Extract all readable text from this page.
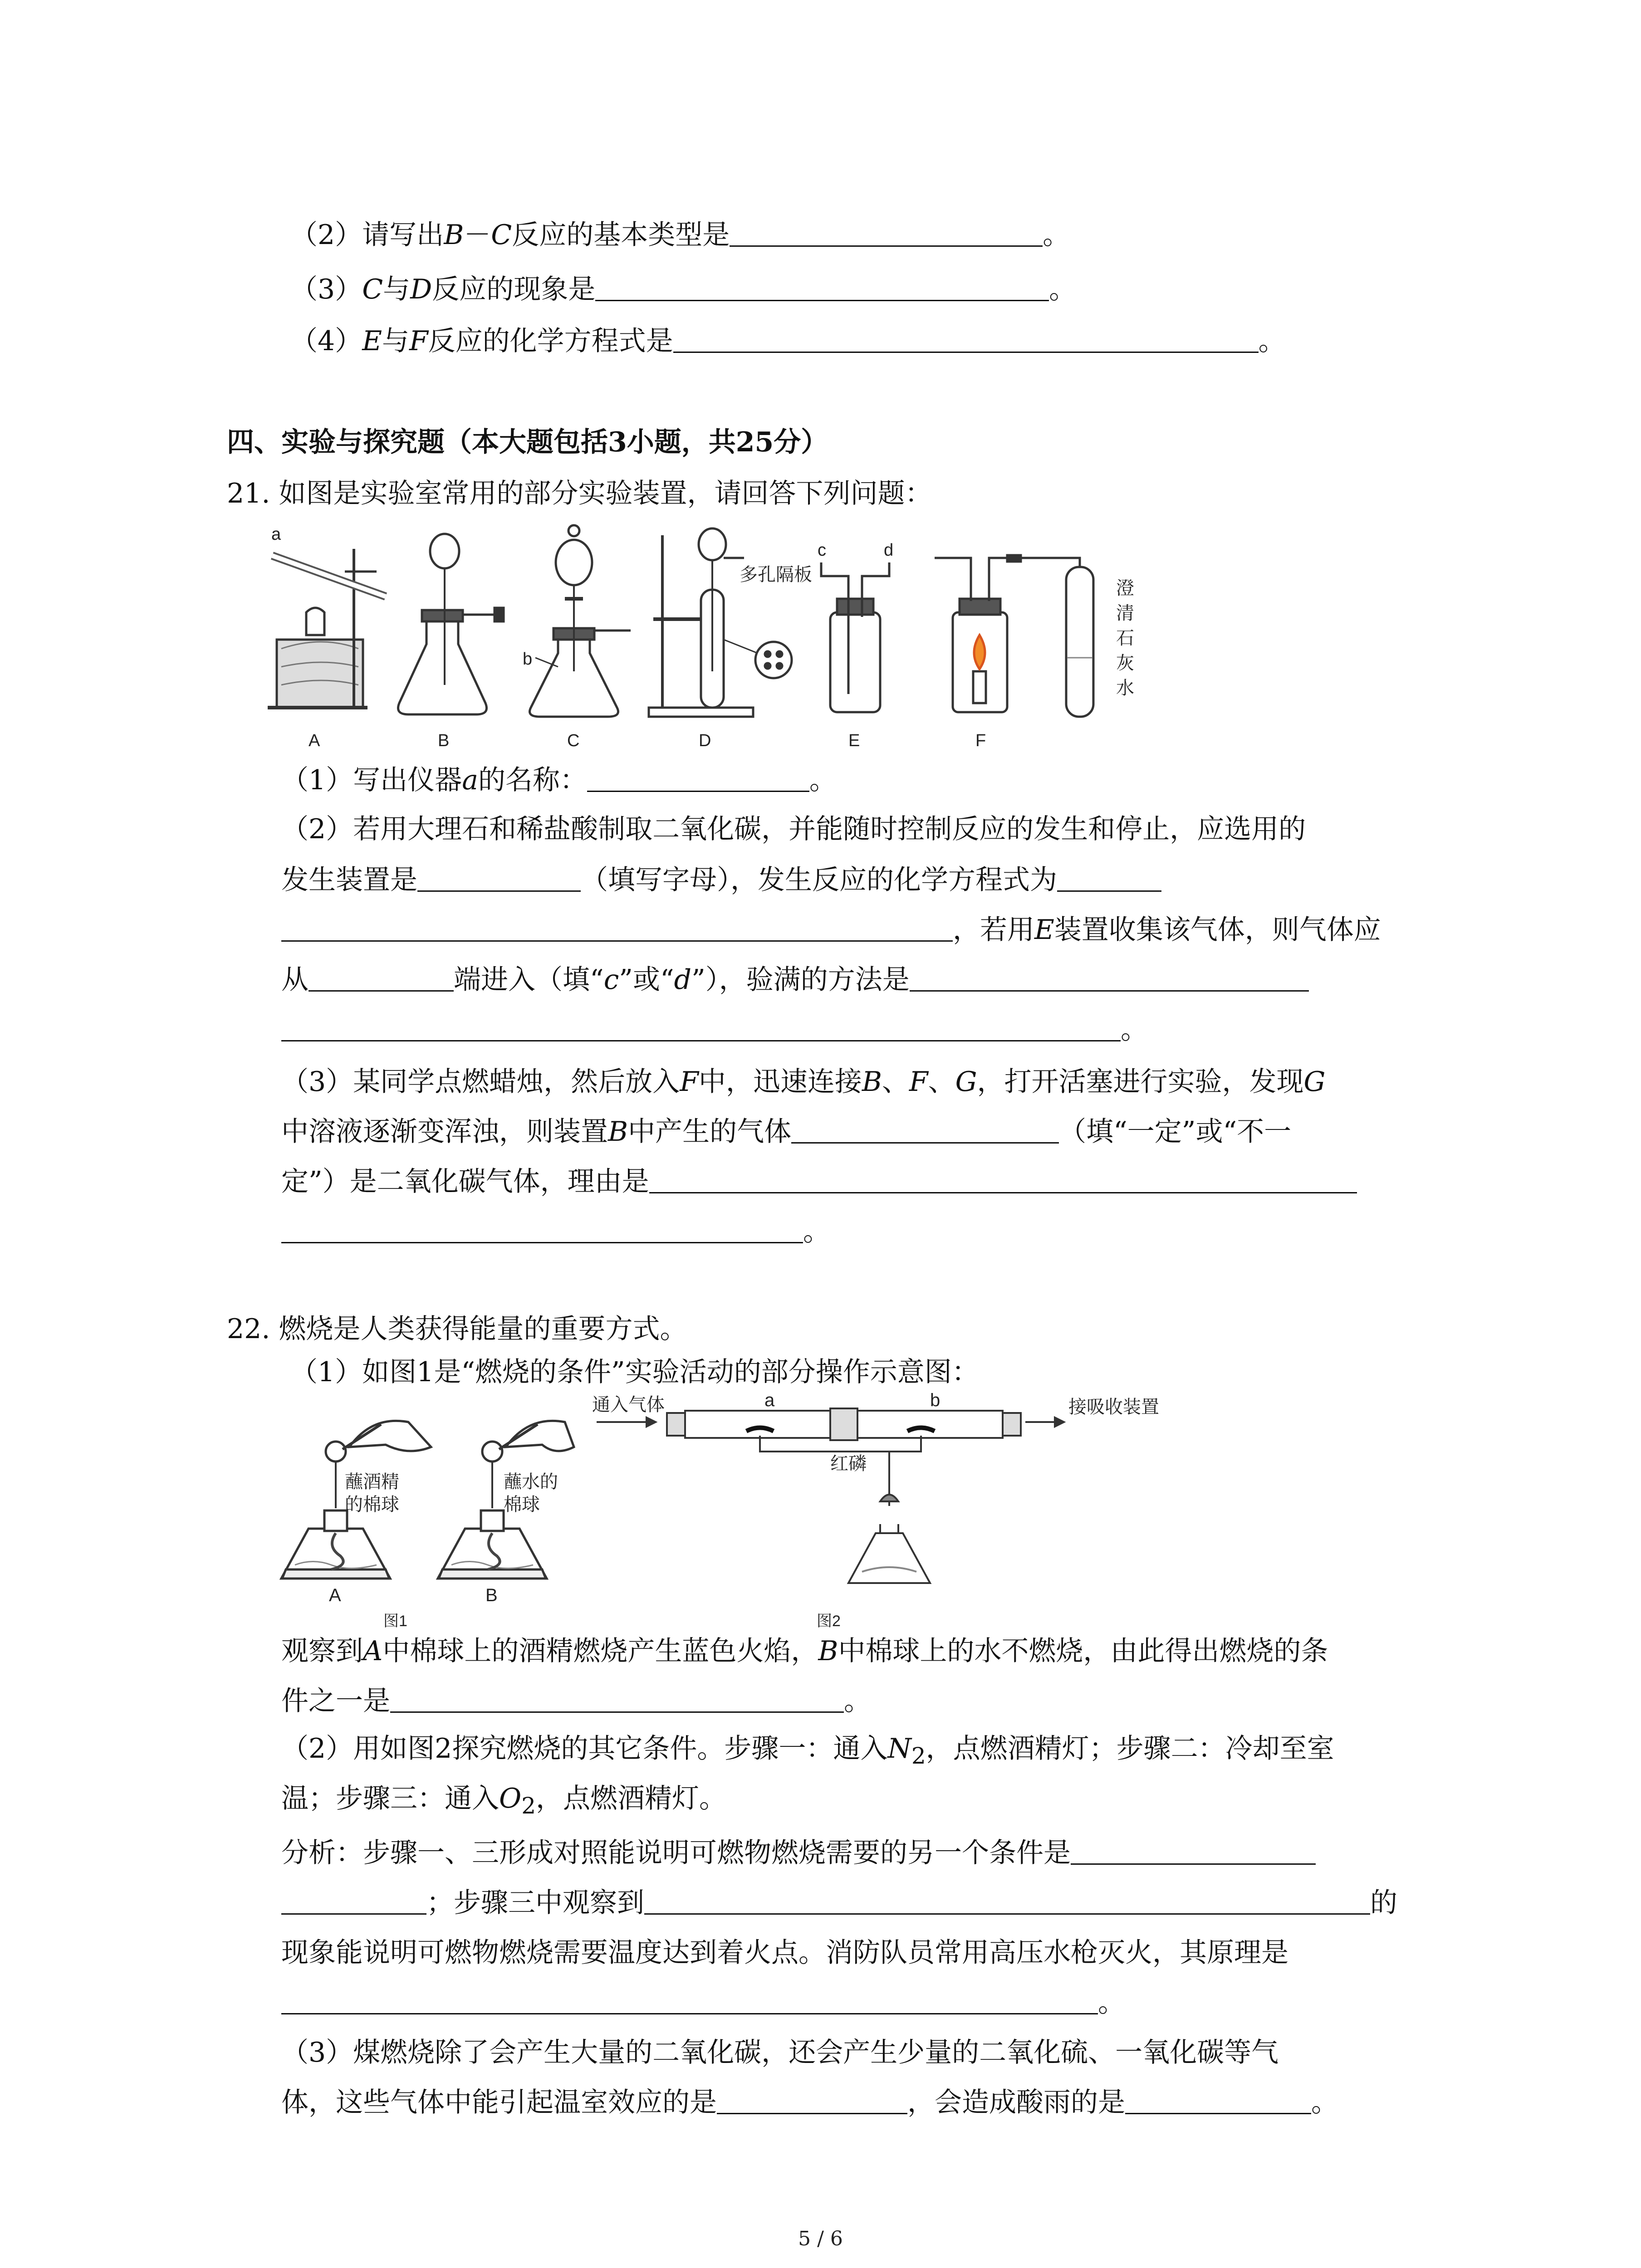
（2）请写出B－C反应的基本类型是	。
（3）C与D反应的现象是	。
（4）E与F反应的化学方程式是	。
四、实验与探究题（本大题包括3小题，共25分）
21. 如图是实验室常用的部分实验装置，请回答下列问题：
a
A	B
b
C	D
多孔隔板
c	d
E	F
澄
清
石
灰
水
（1）写出仪器a的名称：	。
（2）若用大理石和稀盐酸制取二氧化碳，并能随时控制反应的发生和停止，应选用的
发生装置是	（填写字母），发生反应的化学方程式为
，若用E装置收集该气体，则气体应
从	端进入（填“c”或“d”），验满的方法是
。
（3）某同学点燃蜡烛，然后放入F中，迅速连接B、F、G，打开活塞进行实验，发现G
中溶液逐渐变浑浊，则装置B中产生的气体	（填“一定”或“不一
定”）是二氧化碳气体，理由是
。
22. 燃烧是人类获得能量的重要方式。
（1）如图1是“燃烧的条件”实验活动的部分操作示意图：
蘸酒精
的棉球
蘸水的
棉球
A	B
图1
通入气体	接吸收装置
a	b
红磷
图2
观察到A中棉球上的酒精燃烧产生蓝色火焰，B中棉球上的水不燃烧，由此得出燃烧的条
件之一是	。
（2）用如图2探究燃烧的其它条件。步骤一：通入$N_2$，点燃酒精灯；步骤二：冷却至室
温；步骤三：通入$O_2$，点燃酒精灯。
分析：步骤一、三形成对照能说明可燃物燃烧需要的另一个条件是
；步骤三中观察到	的
现象能说明可燃物燃烧需要温度达到着火点。消防队员常用高压水枪灭火，其原理是
。
（3）煤燃烧除了会产生大量的二氧化碳，还会产生少量的二氧化硫、一氧化碳等气
体，这些气体中能引起温室效应的是	，会造成酸雨的是	。
5 / 6
